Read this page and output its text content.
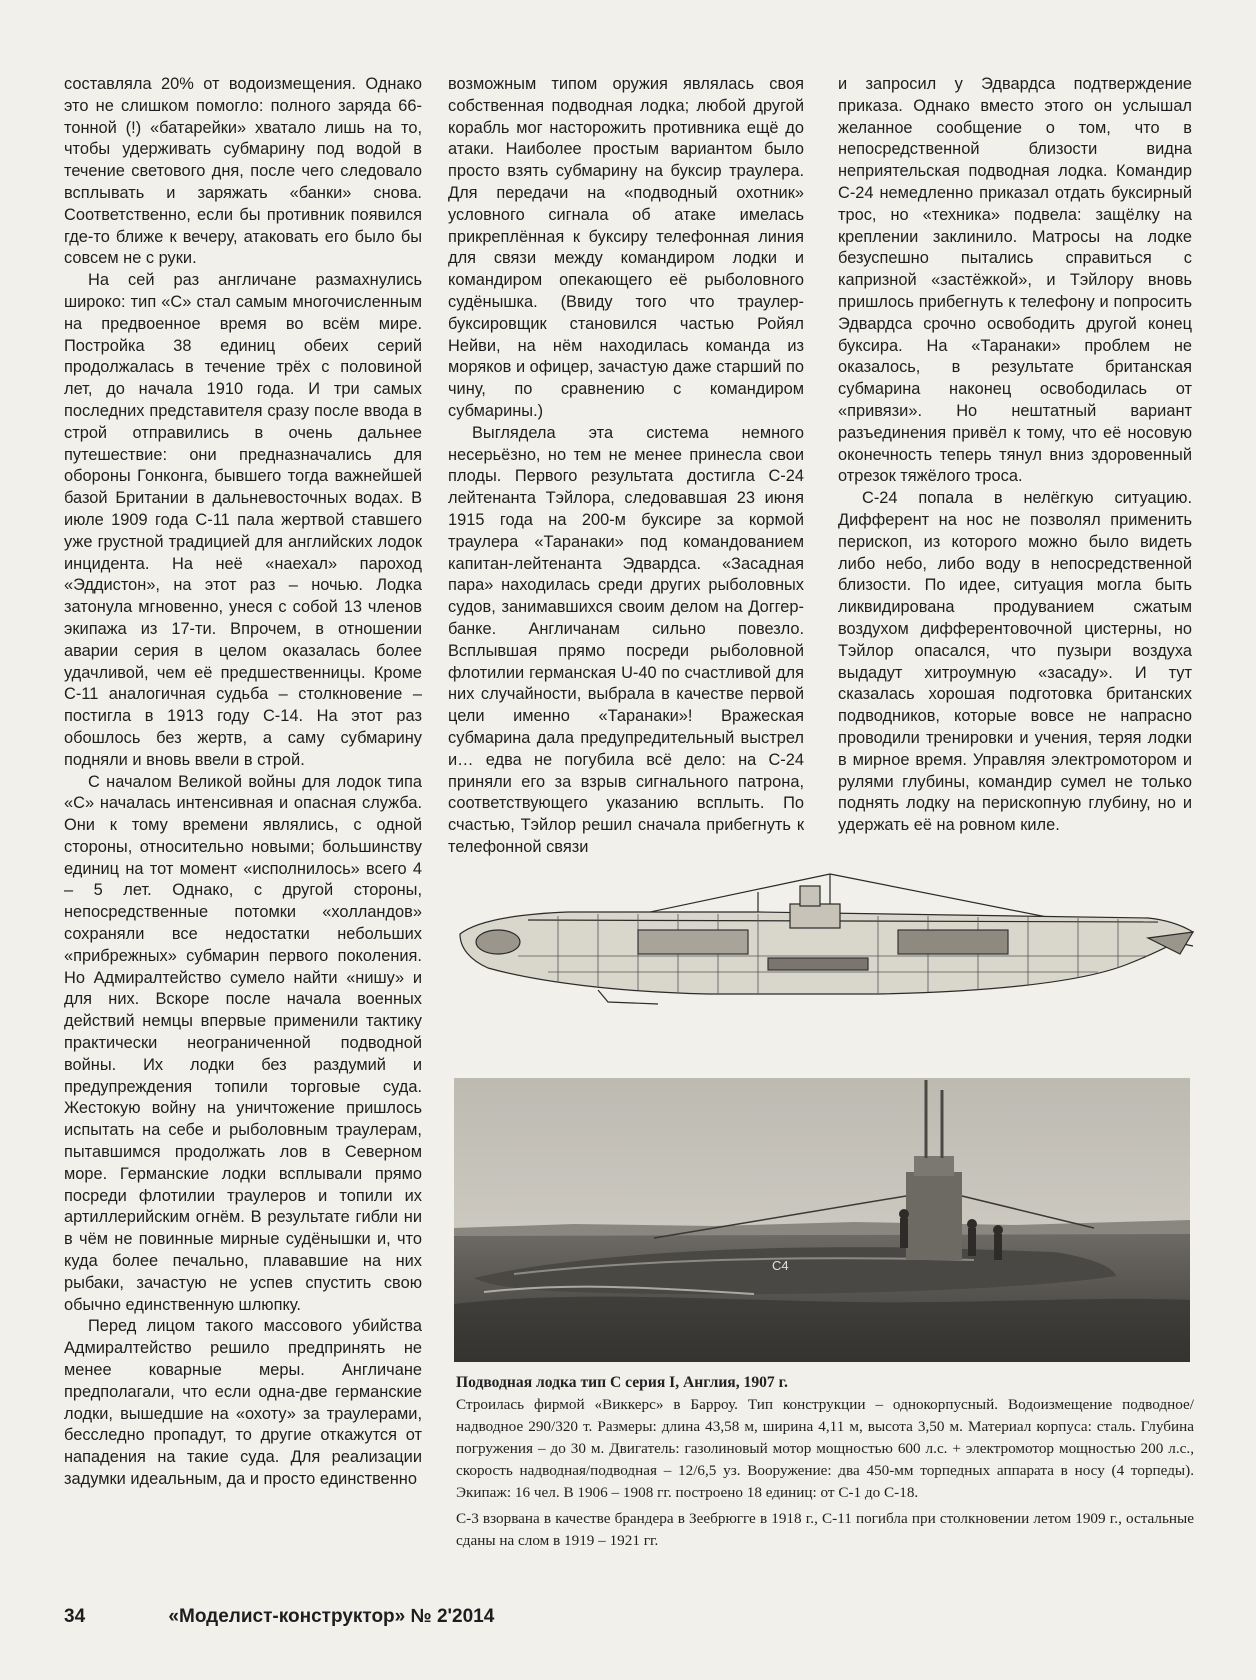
составляла 20% от водоизмещения. Однако это не слишком помогло: полного заряда 66-тонной (!) «батарейки» хватало лишь на то, чтобы удерживать субмарину под водой в течение светового дня, после чего следовало всплывать и заряжать «банки» снова. Соответственно, если бы противник появился где-то ближе к вечеру, атаковать его было бы совсем не с руки.

На сей раз англичане размахнулись широко: тип «С» стал самым многочисленным на предвоенное время во всём мире. Постройка 38 единиц обеих серий продолжалась в течение трёх с половиной лет, до начала 1910 года. И три самых последних представителя сразу после ввода в строй отправились в очень дальнее путешествие: они предназначались для обороны Гонконга, бывшего тогда важнейшей базой Британии в дальневосточных водах. В июле 1909 года С-11 пала жертвой ставшего уже грустной традицией для английских лодок инцидента. На неё «наехал» пароход «Эддистон», на этот раз – ночью. Лодка затонула мгновенно, унеся с собой 13 членов экипажа из 17-ти. Впрочем, в отношении аварии серия в целом оказалась более удачливой, чем её предшественницы. Кроме С-11 аналогичная судьба – столкновение – постигла в 1913 году С-14. На этот раз обошлось без жертв, а саму субмарину подняли и вновь ввели в строй.

С началом Великой войны для лодок типа «С» началась интенсивная и опасная служба. Они к тому времени являлись, с одной стороны, относительно новыми; большинству единиц на тот момент «исполнилось» всего 4 – 5 лет. Однако, с другой стороны, непосредственные потомки «холландов» сохраняли все недостатки небольших «прибрежных» субмарин первого поколения. Но Адмиралтейство сумело найти «нишу» и для них. Вскоре после начала военных действий немцы впервые применили тактику практически неограниченной подводной войны. Их лодки без раздумий и предупреждения топили торговые суда. Жестокую войну на уничтожение пришлось испытать на себе и рыболовным траулерам, пытавшимся продолжать лов в Северном море. Германские лодки всплывали прямо посреди флотилии траулеров и топили их артиллерийским огнём. В результате гибли ни в чём не повинные мирные судёнышки и, что куда более печально, плававшие на них рыбаки, зачастую не успев спустить свою обычно единственную шлюпку.

Перед лицом такого массового убийства Адмиралтейство решило предпринять не менее коварные меры. Англичане предполагали, что если одна-две германские лодки, вышедшие на «охоту» за траулерами, бесследно пропадут, то другие откажутся от нападения на такие суда. Для реализации задумки идеальным, да и просто единственно

возможным типом оружия являлась своя собственная подводная лодка; любой другой корабль мог насторожить противника ещё до атаки. Наиболее простым вариантом было просто взять субмарину на буксир траулера. Для передачи на «подводный охотник» условного сигнала об атаке имелась прикреплённая к буксиру телефонная линия для связи между командиром лодки и командиром опекающего её рыболовного судёнышка. (Ввиду того что траулер-буксировщик становился частью Ройял Нейви, на нём находилась команда из моряков и офицер, зачастую даже старший по чину, по сравнению с командиром субмарины.)

Выглядела эта система немного несерьёзно, но тем не менее принесла свои плоды. Первого результата достигла С-24 лейтенанта Тэйлора, следовавшая 23 июня 1915 года на 200-м буксире за кормой траулера «Таранаки» под командованием капитан-лейтенанта Эдвардса. «Засадная пара» находилась среди других рыболовных судов, занимавшихся своим делом на Доггер-банке. Англичанам сильно повезло. Всплывшая прямо посреди рыболовной флотилии германская U-40 по счастливой для них случайности, выбрала в качестве первой цели именно «Таранаки»! Вражеская субмарина дала предупредительный выстрел и… едва не погубила всё дело: на С-24 приняли его за взрыв сигнального патрона, соответствующего указанию всплыть. По счастью, Тэйлор решил сначала прибегнуть к телефонной связи

и запросил у Эдвардса подтверждение приказа. Однако вместо этого он услышал желанное сообщение о том, что в непосредственной близости видна неприятельская подводная лодка. Командир С-24 немедленно приказал отдать буксирный трос, но «техника» подвела: защёлку на креплении заклинило. Матросы на лодке безуспешно пытались справиться с капризной «застёжкой», и Тэйлору вновь пришлось прибегнуть к телефону и попросить Эдвардса срочно освободить другой конец буксира. На «Таранаки» проблем не оказалось, в результате британская субмарина наконец освободилась от «привязи». Но нештатный вариант разъединения привёл к тому, что её носовую оконечность теперь тянул вниз здоровенный отрезок тяжёлого троса.

С-24 попала в нелёгкую ситуацию. Дифферент на нос не позволял применить перископ, из которого можно было видеть либо небо, либо воду в непосредственной близости. По идее, ситуация могла быть ликвидирована продуванием сжатым воздухом дифферентовочной цистерны, но Тэйлор опасался, что пузыри воздуха выдадут хитроумную «засаду». И тут сказалась хорошая подготовка британских подводников, которые вовсе не напрасно проводили тренировки и учения, теряя лодки в мирное время. Управляя электромотором и рулями глубины, командир сумел не только поднять лодку на перископную глубину, но и удержать её на ровном киле.

C4
Подводная лодка тип С серия I, Англия, 1907 г.
Строилась фирмой «Виккерс» в Барроу. Тип конструкции – однокорпусный. Водоизмещение подводное/надводное 290/320 т. Размеры: длина 43,58 м, ширина 4,11 м, высота 3,50 м. Материал корпуса: сталь. Глубина погружения – до 30 м. Двигатель: газолиновый мотор мощностью 600 л.с. + электромотор мощностью 200 л.с., скорость надводная/подводная – 12/6,5 уз. Вооружение: два 450-мм торпедных аппарата в носу (4 торпеды). Экипаж: 16 чел. В 1906 – 1908 гг. построено 18 единиц: от С-1 до С-18.
С-3 взорвана в качестве брандера в Зеебрюгге в 1918 г., С-11 погибла при столкновении летом 1909 г., остальные сданы на слом в 1919 – 1921 гг.
34	«Моделист-конструктор» № 2'2014
